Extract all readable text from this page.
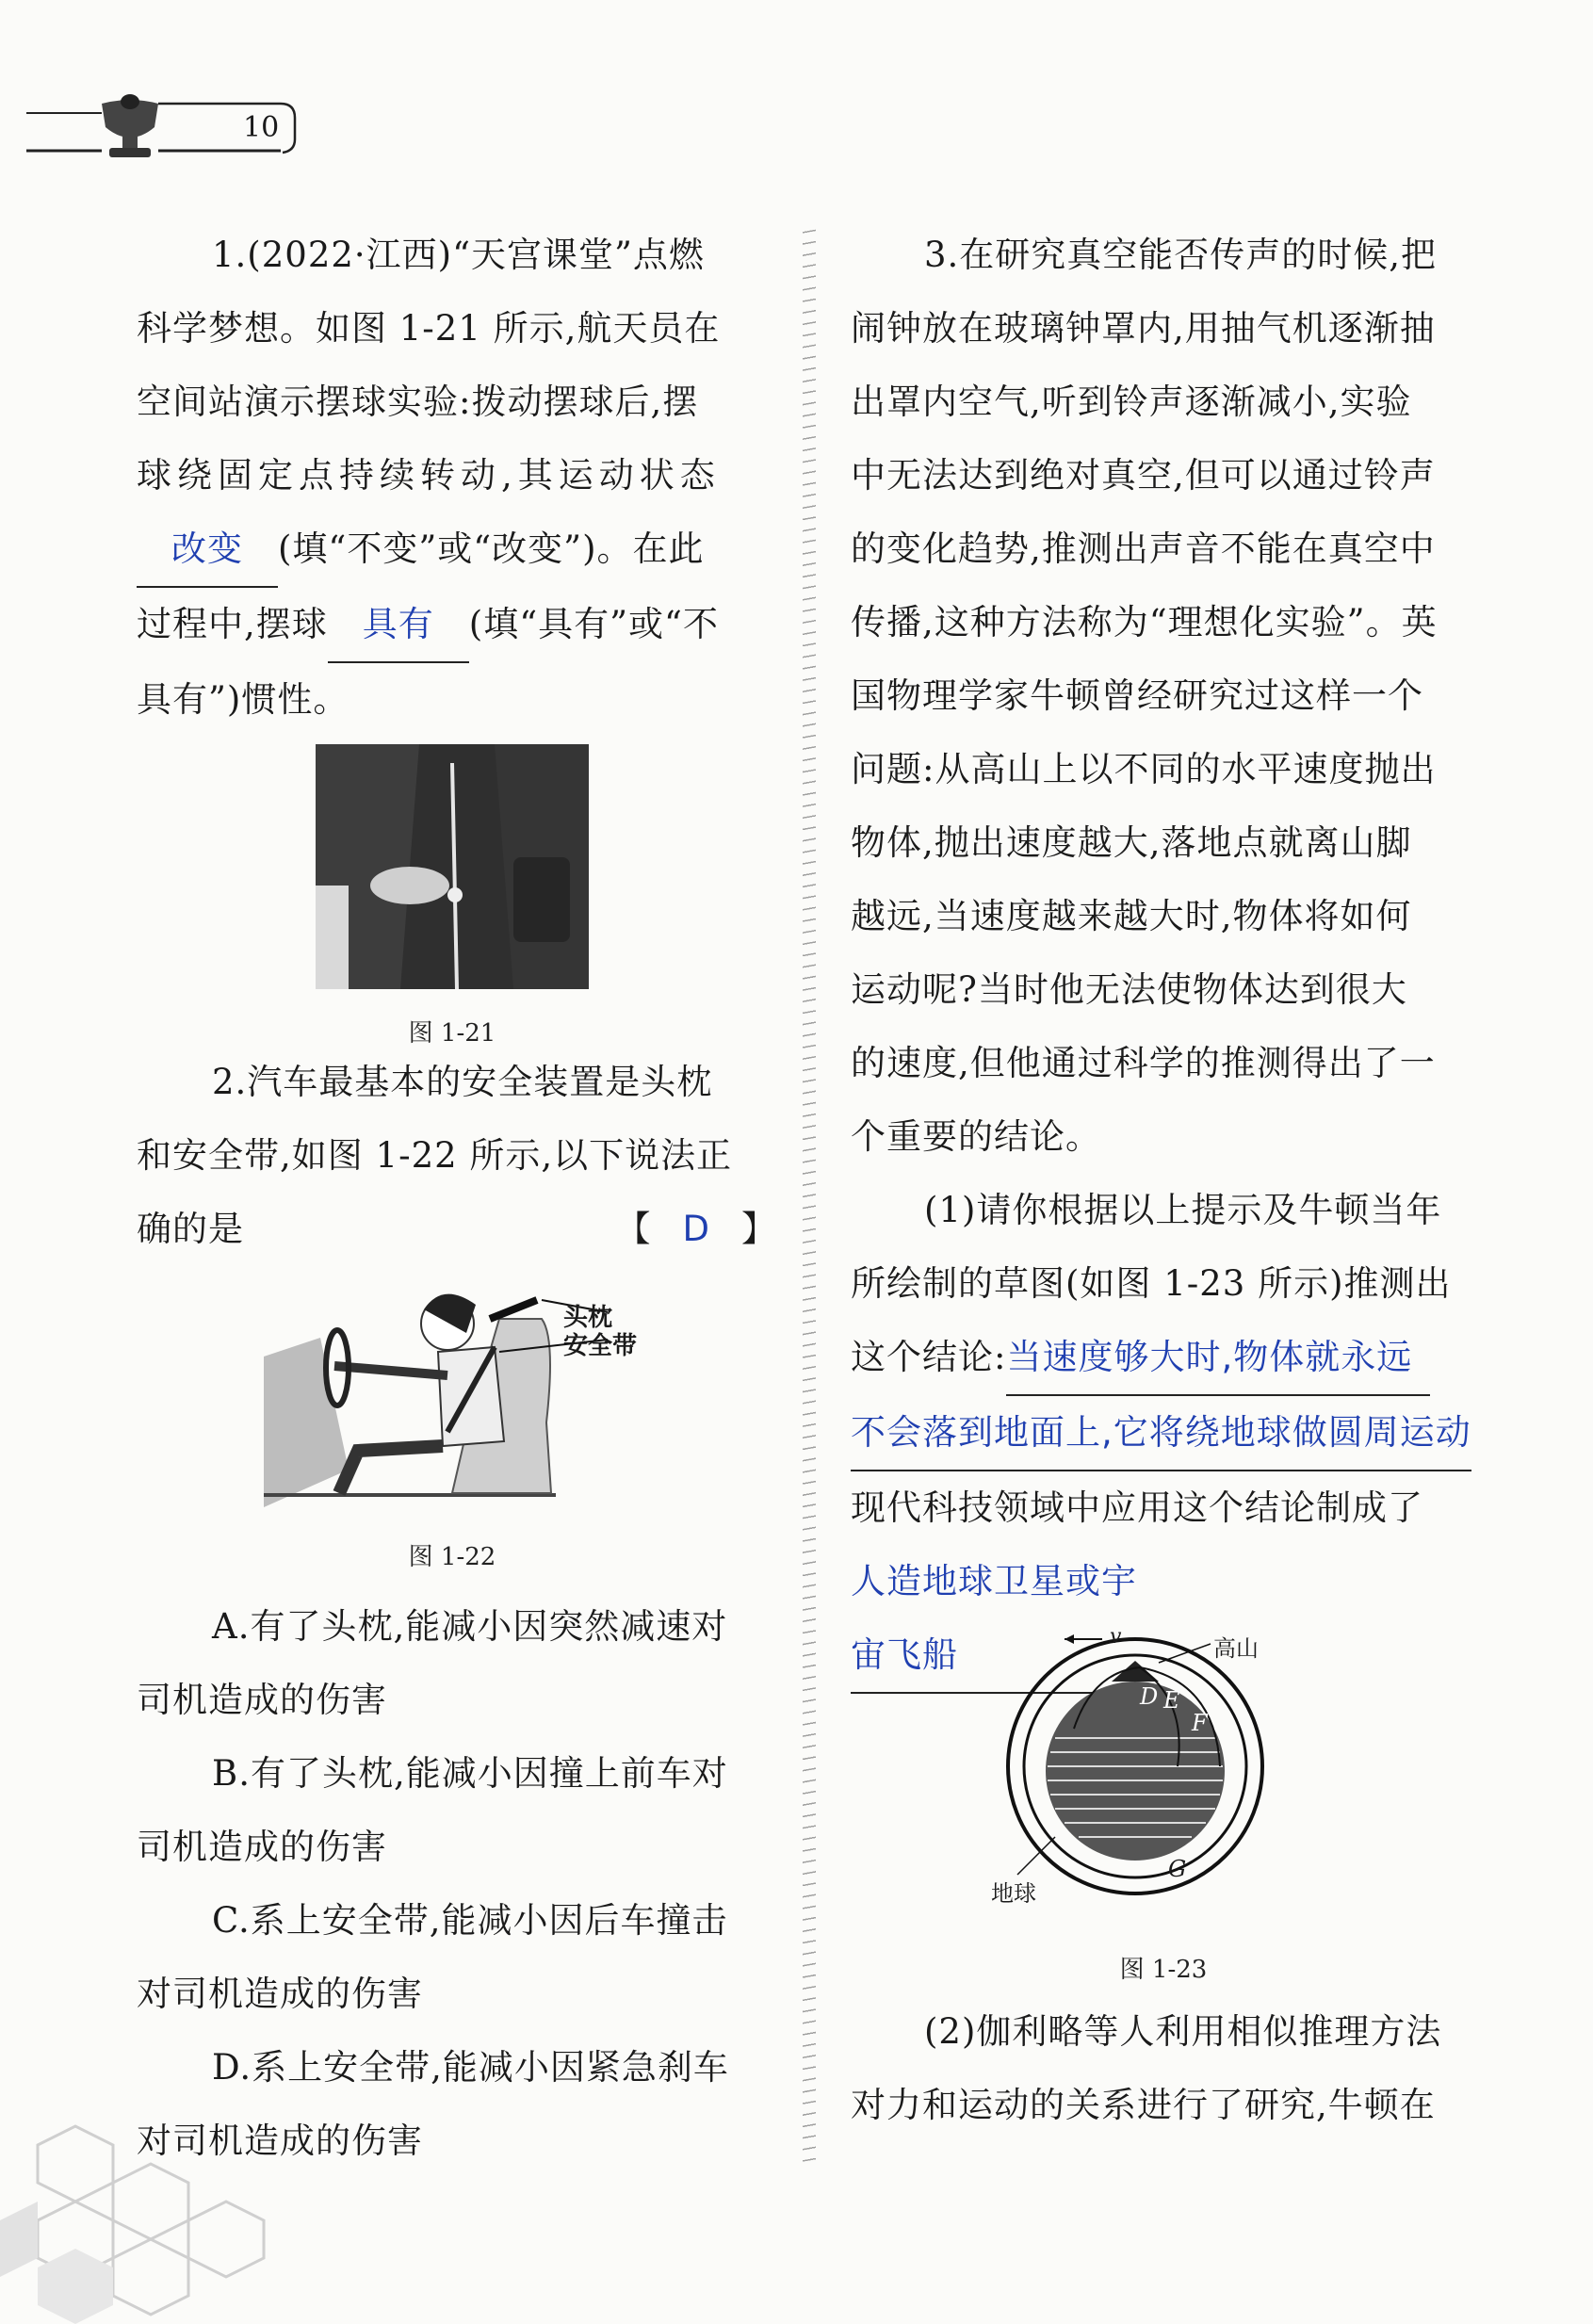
10
1.(2022·江西)“天宫课堂”点燃
科学梦想。如图 1-21 所示,航天员在
空间站演示摆球实验:拨动摆球后,摆
球绕固定点持续转动,其运动状态
改变 (填“不变”或“改变”)。在此
过程中,摆球 具有 (填“具有”或“不
具有”)惯性。
图 1-21
2.汽车最基本的安全装置是头枕
和安全带,如图 1-22 所示,以下说法正
确的是	【 D 】
头枕
安全带
图 1-22
A.有了头枕,能减小因突然减速对
司机造成的伤害
B.有了头枕,能减小因撞上前车对
司机造成的伤害
C.系上安全带,能减小因后车撞击
对司机造成的伤害
D.系上安全带,能减小因紧急刹车
对司机造成的伤害
3.在研究真空能否传声的时候,把
闹钟放在玻璃钟罩内,用抽气机逐渐抽
出罩内空气,听到铃声逐渐减小,实验
中无法达到绝对真空,但可以通过铃声
的变化趋势,推测出声音不能在真空中
传播,这种方法称为“理想化实验”。英
国物理学家牛顿曾经研究过这样一个
问题:从高山上以不同的水平速度抛出
物体,抛出速度越大,落地点就离山脚
越远,当速度越来越大时,物体将如何
运动呢?当时他无法使物体达到很大
的速度,但他通过科学的推测得出了一
个重要的结论。
(1)请你根据以上提示及牛顿当年
所绘制的草图(如图 1-23 所示)推测出
这个结论:当速度够大时,物体就永远
不会落到地面上,它将绕地球做圆周运动
现代科技领域中应用这个结论制成了
人造地球卫星或宇宙飞船	v	高山
地球
D E
F
G
图 1-23
(2)伽利略等人利用相似推理方法
对力和运动的关系进行了研究,牛顿在
